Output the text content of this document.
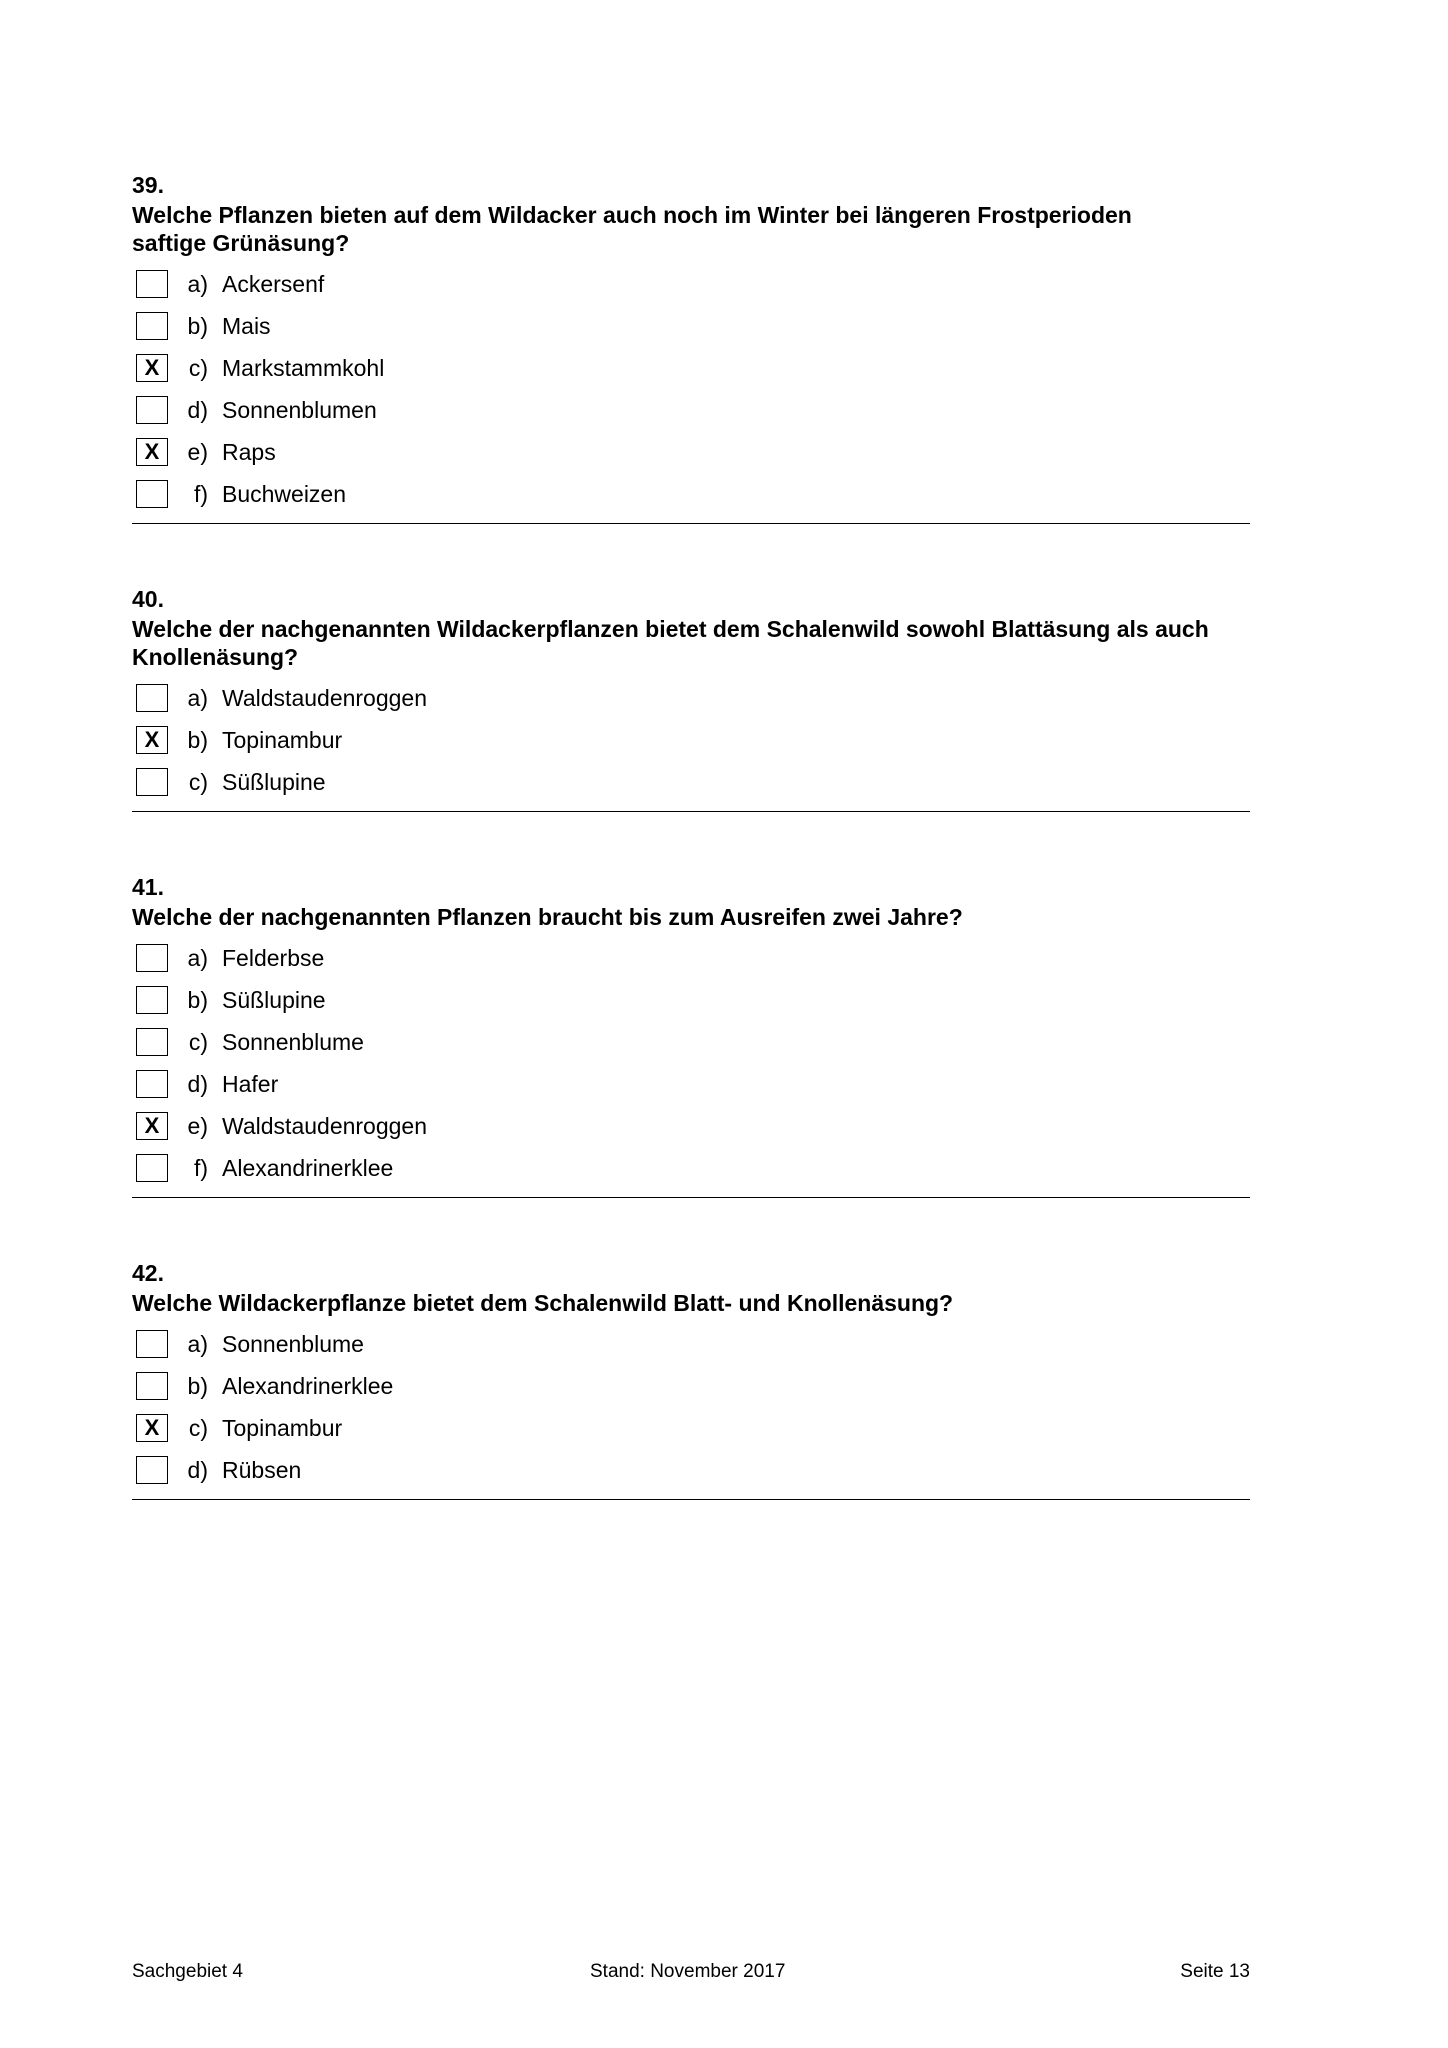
39.
Welche Pflanzen bieten auf dem Wildacker auch noch im Winter bei längeren Frostperioden saftige Grünäsung?
a) Ackersenf
b) Mais
X	c) Markstammkohl
d) Sonnenblumen
X	e) Raps
f) Buchweizen
40.
Welche der nachgenannten Wildackerpflanzen bietet dem Schalenwild sowohl Blattäsung als auch Knollenäsung?
a) Waldstaudenroggen
X	b) Topinambur
c) Süßlupine
41.
Welche der nachgenannten Pflanzen braucht bis zum Ausreifen zwei Jahre?
a) Felderbse
b) Süßlupine
c) Sonnenblume
d) Hafer
X	e) Waldstaudenroggen
f) Alexandrinerklee
42.
Welche Wildackerpflanze bietet dem Schalenwild Blatt- und Knollenäsung?
a) Sonnenblume
b) Alexandrinerklee
X	c) Topinambur
d) Rübsen
Sachgebiet 4	Stand: November 2017	Seite 13
